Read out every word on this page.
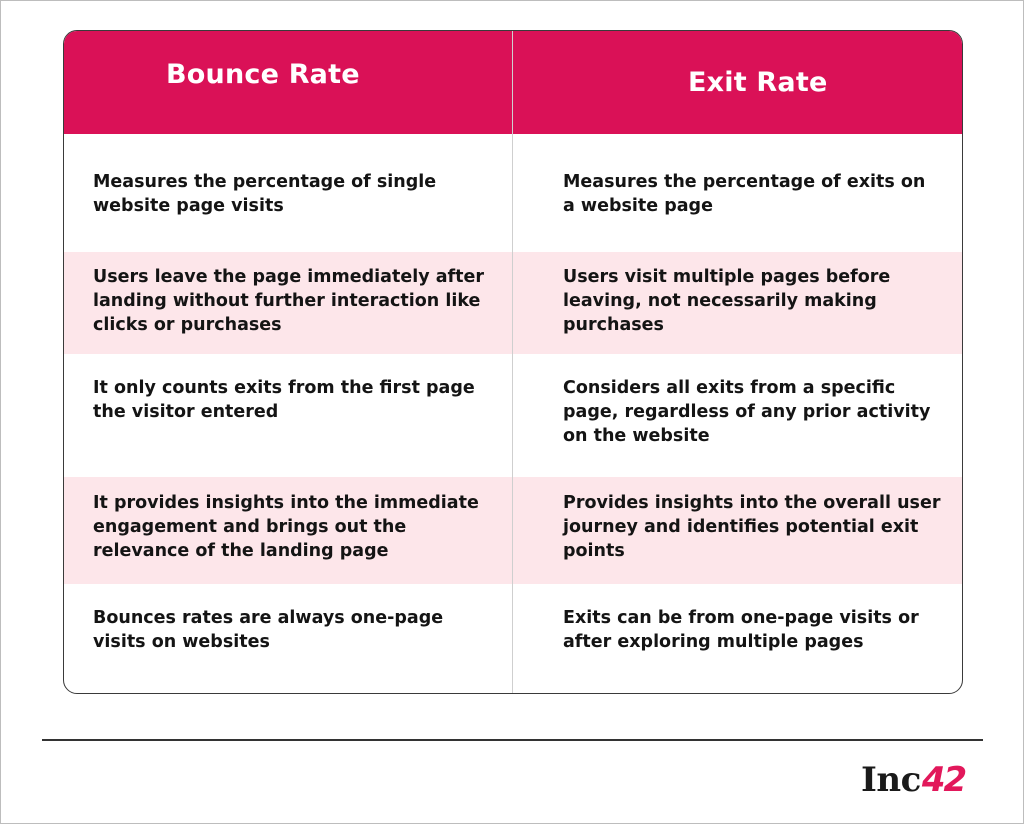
Bounce Rate	Exit Rate
Measures the percentage of single website page visits
Measures the percentage of exits on a website page
Users leave the page immediately after landing without further interaction like clicks or purchases
Users visit multiple pages before leaving, not necessarily making purchases
It only counts exits from the first page the visitor entered
Considers all exits from a specific page, regardless of any prior activity on the website
It provides insights into the immediate engagement and brings out the relevance of the landing page
Provides insights into the overall user journey and identifies potential exit points
Bounces rates are always one-page visits on websites
Exits can be from one-page visits or after exploring multiple pages
Inc 42
